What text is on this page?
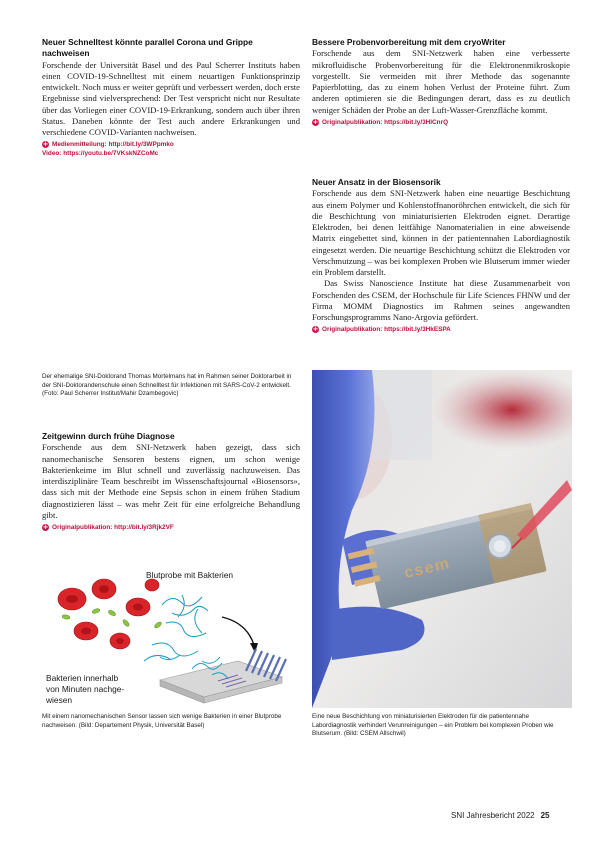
Neuer Schnelltest könnte parallel Corona und Grippe nachweisen

Forschende der Universität Basel und des Paul Scherrer Instituts haben einen COVID-19-Schnelltest mit einem neuartigen Funktionsprinzip entwickelt. Noch muss er weiter geprüft und verbessert werden, doch erste Ergebnisse sind vielversprechend: Der Test verspricht nicht nur Resultate über das Vorliegen einer COVID-19-Erkrankung, sondern auch über ihren Status. Daneben könnte der Test auch andere Erkrankungen und verschiedene COVID-Varianten nachweisen.

+ Medienmitteilung: http://bit.ly/3WPpmko
Video: https://youtu.be/7VKskNZCoMc

Der ehemalige SNI-Doktorand Thomas Mortelmans hat im Rahmen seiner Doktorarbeit in der SNI-Doktorandenschule einen Schnelltest für Infektionen mit SARS-CoV-2 entwickelt. (Foto: Paul Scherrer Institut/Mahir Dzambegovic)

Zeitgewinn durch frühe Diagnose

Forschende aus dem SNI-Netzwerk haben gezeigt, dass sich nanomechanische Sensoren bestens eignen, um schon wenige Bakterienkeime im Blut schnell und zuverlässig nachzuweisen. Das interdisziplinäre Team beschreibt im Wissenschaftsjournal «Biosensors», dass sich mit der Methode eine Sepsis schon in einem frühen Stadium diagnostizieren lässt – was mehr Zeit für eine erfolgreiche Behandlung gibt.

+ Originalpublikation: http://bit.ly/3Rjk2VF
Blutprobe mit Bakterien
Bakterien innerhalb
von Minuten nachge-
wiesen

Mit einem nanomechanischen Sensor lassen sich wenige Bakterien in einer Blutprobe nachweisen. (Bild: Departement Physik, Universität Basel)

Bessere Probenvorbereitung mit dem cryoWriter

Forschende aus dem SNI-Netzwerk haben eine verbesserte mikrofluidische Probenvorbereitung für die Elektronenmikroskopie vorgestellt. Sie vermeiden mit ihrer Methode das sogenannte Papierblotting, das zu einem hohen Verlust der Proteine führt. Zum anderen optimieren sie die Bedingungen derart, dass es zu deutlich weniger Schäden der Probe an der Luft-Wasser-Grenzfläche kommt.

+ Originalpublikation: https://bit.ly/3HlCnrQ

Neuer Ansatz in der Biosensorik

Forschende aus dem SNI-Netzwerk haben eine neuartige Beschichtung aus einem Polymer und Kohlenstoffnanoröhrchen entwickelt, die sich für die Beschichtung von miniaturisierten Elektroden eignet. Derartige Elektroden, bei denen leitfähige Nanomaterialien in eine abweisende Matrix eingebettet sind, können in der patientennahen Labordiagnostik eingesetzt werden. Die neuartige Beschichtung schützt die Elektroden vor Verschmutzung – was bei komplexen Proben wie Blutserum immer wieder ein Problem darstellt.

Das Swiss Nanoscience Institute hat diese Zusammenarbeit von Forschenden des CSEM, der Hochschule für Life Sciences FHNW und der Firma MOMM Diagnostics im Rahmen seines angewandten Forschungsprogramms Nano-Argovia gefördert.

+ Originalpublikation: https://bit.ly/3HkESPA
csem

Eine neue Beschichtung von miniaturisierten Elektroden für die patientennahe Labordiagnostik verhindert Verunreinigungen – ein Problem bei komplexen Proben wie Blutserum. (Bild: CSEM Allschwil)

SNI Jahresbericht 2022 25
